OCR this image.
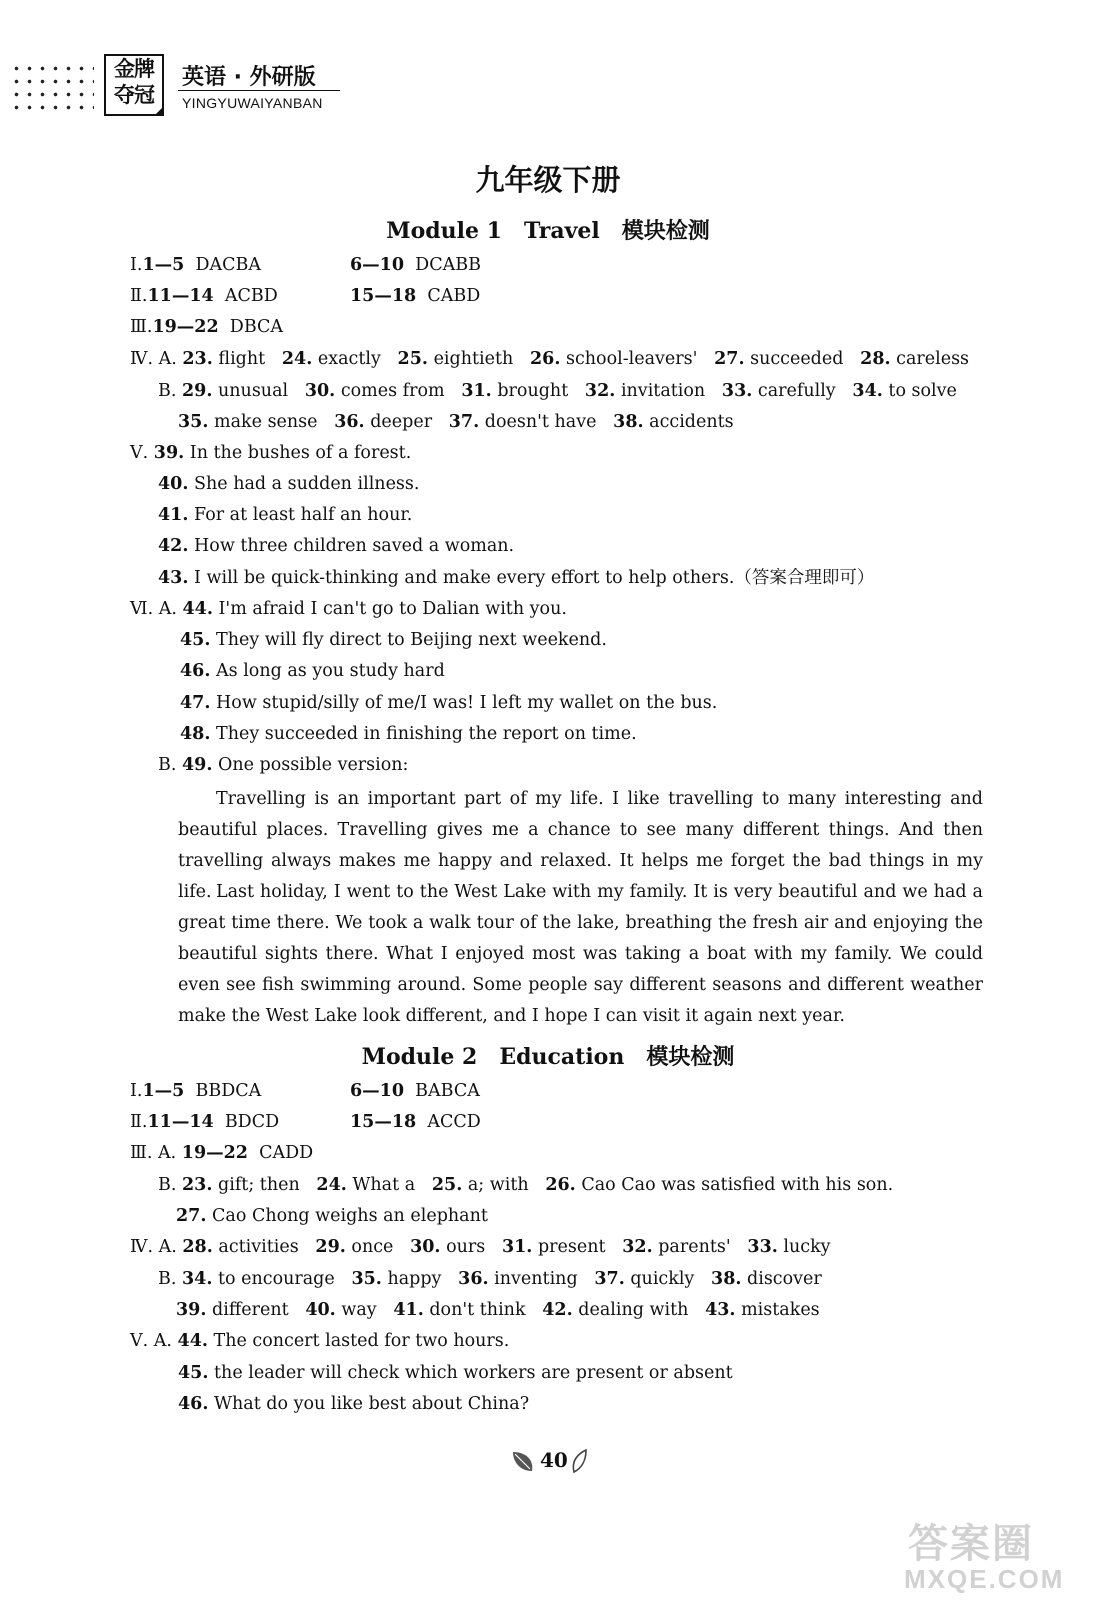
金牌
夺冠
英语 · 外研版
YINGYUWAIYANBAN
九年级下册
Module 1 Travel 模块检测
Ⅰ.1—5  DACBA	6—10  DCABB
Ⅱ.11—14  ACBD	15—18  CABD
Ⅲ.19—22  DBCA
Ⅳ. A. 23. flight   24. exactly   25. eightieth   26. school-leavers'   27. succeeded   28. careless
B. 29. unusual   30. comes from   31. brought   32. invitation   33. carefully   34. to solve
35. make sense   36. deeper   37. doesn't have   38. accidents
Ⅴ. 39. In the bushes of a forest.
40. She had a sudden illness.
41. For at least half an hour.
42. How three children saved a woman.
43. I will be quick-thinking and make every effort to help others.（答案合理即可）
Ⅵ. A. 44. I'm afraid I can't go to Dalian with you.
45. They will fly direct to Beijing next weekend.
46. As long as you study hard
47. How stupid/silly of me/I was! I left my wallet on the bus.
48. They succeeded in finishing the report on time.
B. 49. One possible version:
Travelling is an important part of my life. I like travelling to many interesting and beautiful places. Travelling gives me a chance to see many different things. And then travelling always makes me happy and relaxed. It helps me forget the bad things in my life. Last holiday, I went to the West Lake with my family. It is very beautiful and we had a great time there. We took a walk tour of the lake, breathing the fresh air and enjoying the beautiful sights there. What I enjoyed most was taking a boat with my family. We could even see fish swimming around. Some people say different seasons and different weather make the West Lake look different, and I hope I can visit it again next year.
Module 2 Education 模块检测
Ⅰ.1—5  BBDCA	6—10  BABCA
Ⅱ.11—14  BDCD	15—18  ACCD
Ⅲ. A. 19—22  CADD
B. 23. gift; then   24. What a   25. a; with   26. Cao Cao was satisfied with his son.
27. Cao Chong weighs an elephant
Ⅳ. A. 28. activities   29. once   30. ours   31. present   32. parents'   33. lucky
B. 34. to encourage   35. happy   36. inventing   37. quickly   38. discover
39. different   40. way   41. don't think   42. dealing with   43. mistakes
Ⅴ. A. 44. The concert lasted for two hours.
45. the leader will check which workers are present or absent
46. What do you like best about China?
40
答案圈
MXQE.COM
